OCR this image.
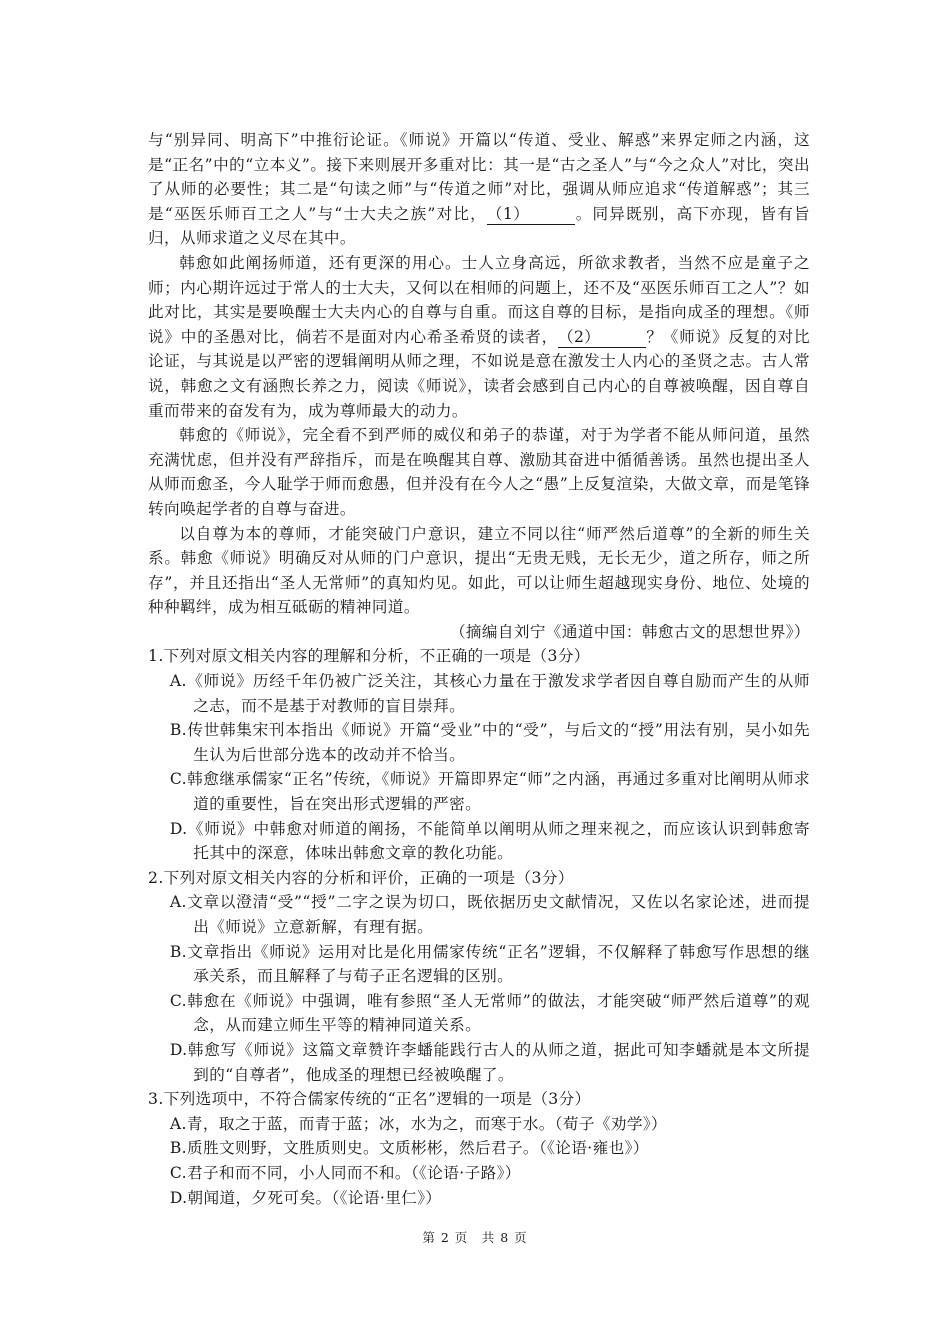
与“别异同、明高下”中推衍论证。《师说》开篇以“传道、受业、解惑”来界定师之内涵，这是“正名”中的“立本义”。接下来则展开多重对比：其一是“古之圣人”与“今之众人”对比，突出了从师的必要性；其二是“句读之师”与“传道之师”对比，强调从师应追求“传道解惑”；其三是“巫医乐师百工之人”与“士大夫之族”对比，（1）	。同异既别，高下亦现，皆有旨归，从师求道之义尽在其中。

韩愈如此阐扬师道，还有更深的用心。士人立身高远，所欲求教者，当然不应是童子之师；内心期许远过于常人的士大夫，又何以在相师的问题上，还不及“巫医乐师百工之人”？如此对比，其实是要唤醒士大夫内心的自尊与自重。而这自尊的目标，是指向成圣的理想。《师说》中的圣愚对比，倘若不是面对内心希圣希贤的读者，（2）	？《师说》反复的对比论证，与其说是以严密的逻辑阐明从师之理，不如说是意在激发士人内心的圣贤之志。古人常说，韩愈之文有涵煦长养之力，阅读《师说》，读者会感到自己内心的自尊被唤醒，因自尊自重而带来的奋发有为，成为尊师最大的动力。

韩愈的《师说》，完全看不到严师的威仪和弟子的恭谨，对于为学者不能从师问道，虽然充满忧虑，但并没有严辞指斥，而是在唤醒其自尊、激励其奋进中循循善诱。虽然也提出圣人从师而愈圣，今人耻学于师而愈愚，但并没有在今人之“愚”上反复渲染，大做文章，而是笔锋转向唤起学者的自尊与奋进。

以自尊为本的尊师，才能突破门户意识，建立不同以往“师严然后道尊”的全新的师生关系。韩愈《师说》明确反对从师的门户意识，提出“无贵无贱，无长无少，道之所存，师之所存”，并且还指出“圣人无常师”的真知灼见。如此，可以让师生超越现实身份、地位、处境的种种羁绊，成为相互砥砺的精神同道。

（摘编自刘宁《通道中国：韩愈古文的思想世界》）

1.下列对原文相关内容的理解和分析，不正确的一项是（3分）

A.《师说》历经千年仍被广泛关注，其核心力量在于激发求学者因自尊自励而产生的从师之志，而不是基于对教师的盲目崇拜。

B.传世韩集宋刊本指出《师说》开篇“受业”中的“受”，与后文的“授”用法有别，吴小如先生认为后世部分选本的改动并不恰当。

C.韩愈继承儒家“正名”传统，《师说》开篇即界定“师”之内涵，再通过多重对比阐明从师求道的重要性，旨在突出形式逻辑的严密。

D.《师说》中韩愈对师道的阐扬，不能简单以阐明从师之理来视之，而应该认识到韩愈寄托其中的深意，体味出韩愈文章的教化功能。

2.下列对原文相关内容的分析和评价，正确的一项是（3分）

A.文章以澄清“受”“授”二字之误为切口，既依据历史文献情况，又佐以名家论述，进而提出《师说》立意新解，有理有据。

B.文章指出《师说》运用对比是化用儒家传统“正名”逻辑，不仅解释了韩愈写作思想的继承关系，而且解释了与荀子正名逻辑的区别。

C.韩愈在《师说》中强调，唯有参照“圣人无常师”的做法，才能突破“师严然后道尊”的观念，从而建立师生平等的精神同道关系。

D.韩愈写《师说》这篇文章赞许李蟠能践行古人的从师之道，据此可知李蟠就是本文所提到的“自尊者”，他成圣的理想已经被唤醒了。

3.下列选项中，不符合儒家传统的“正名”逻辑的一项是（3分）

A.青，取之于蓝，而青于蓝；冰，水为之，而寒于水。（荀子《劝学》）

B.质胜文则野，文胜质则史。文质彬彬，然后君子。（《论语·雍也》）

C.君子和而不同，小人同而不和。（《论语·子路》）

D.朝闻道，夕死可矣。（《论语·里仁》）

第 2 页　共 8 页
